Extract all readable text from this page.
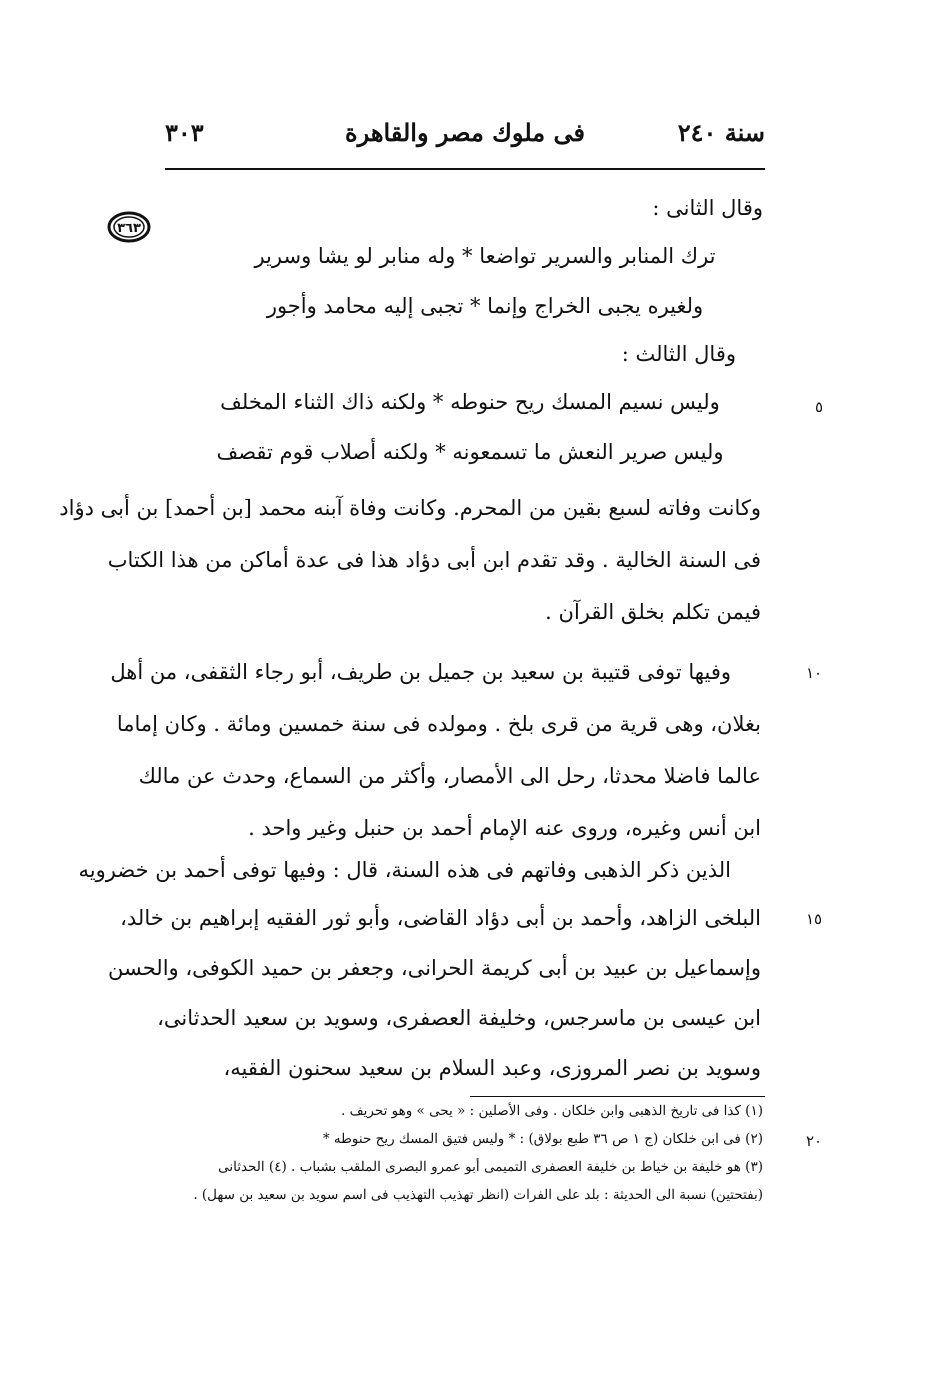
سنة ٢٤٠
فى ملوك مصر والقاهرة
٣٠٣
٣٦٣
وقال الثانى :
ترك المنابر والسرير تواضعا * وله منابر لو يشا وسرير
ولغيره يجبى الخراج وإنما * تجبى إليه محامد وأجور
وقال الثالث :
وليس نسيم المسك ريح حنوطه * ولكنه ذاك الثناء المخلف
وليس صرير النعش ما تسمعونه * ولكنه أصلاب قوم تقصف
وكانت وفاته لسبع بقين من المحرم. وكانت وفاة آبنه محمد [بن أحمد] بن أبى دؤاد
فى السنة الخالية . وقد تقدم ابن أبى دؤاد هذا فى عدة أماكن من هذا الكتاب
فيمن تكلم بخلق القرآن .
وفيها توفى قتيبة بن سعيد بن جميل بن طريف، أبو رجاء الثقفى، من أهل
بغلان، وهى قرية من قرى بلخ . ومولده فى سنة خمسين ومائة . وكان إماما
عالما فاضلا محدثا، رحل الى الأمصار، وأكثر من السماع، وحدث عن مالك
ابن أنس وغيره، وروى عنه الإمام أحمد بن حنبل وغير واحد .
الذين ذكر الذهبى وفاتهم فى هذه السنة، قال : وفيها توفى أحمد بن خضرويه
البلخى الزاهد، وأحمد بن أبى دؤاد القاضى، وأبو ثور الفقيه إبراهيم بن خالد،
وإسماعيل بن عبيد بن أبى كريمة الحرانى، وجعفر بن حميد الكوفى، والحسن
ابن عيسى بن ماسرجس، وخليفة العصفرى، وسويد بن سعيد الحدثانى،
وسويد بن نصر المروزى، وعبد السلام بن سعيد سحنون الفقيه،
٥
١٠
١٥
٢٠
(١) كذا فى تاريخ الذهبى وابن خلكان . وفى الأصلين : « يحى » وهو تحريف .
(٢) فى ابن خلكان (ج ١ ص ٣٦ طبع بولاق) : * وليس فتيق المسك ريح حنوطه *
(٣) هو خليفة بن خياط بن خليفة العصفرى التميمى أبو عمرو البصرى الملقب بشباب . (٤) الحدثانى
(بفتحتين) نسبة الى الحديثة : بلد على الفرات (انظر تهذيب التهذيب فى اسم سويد بن سعيد بن سهل) .
